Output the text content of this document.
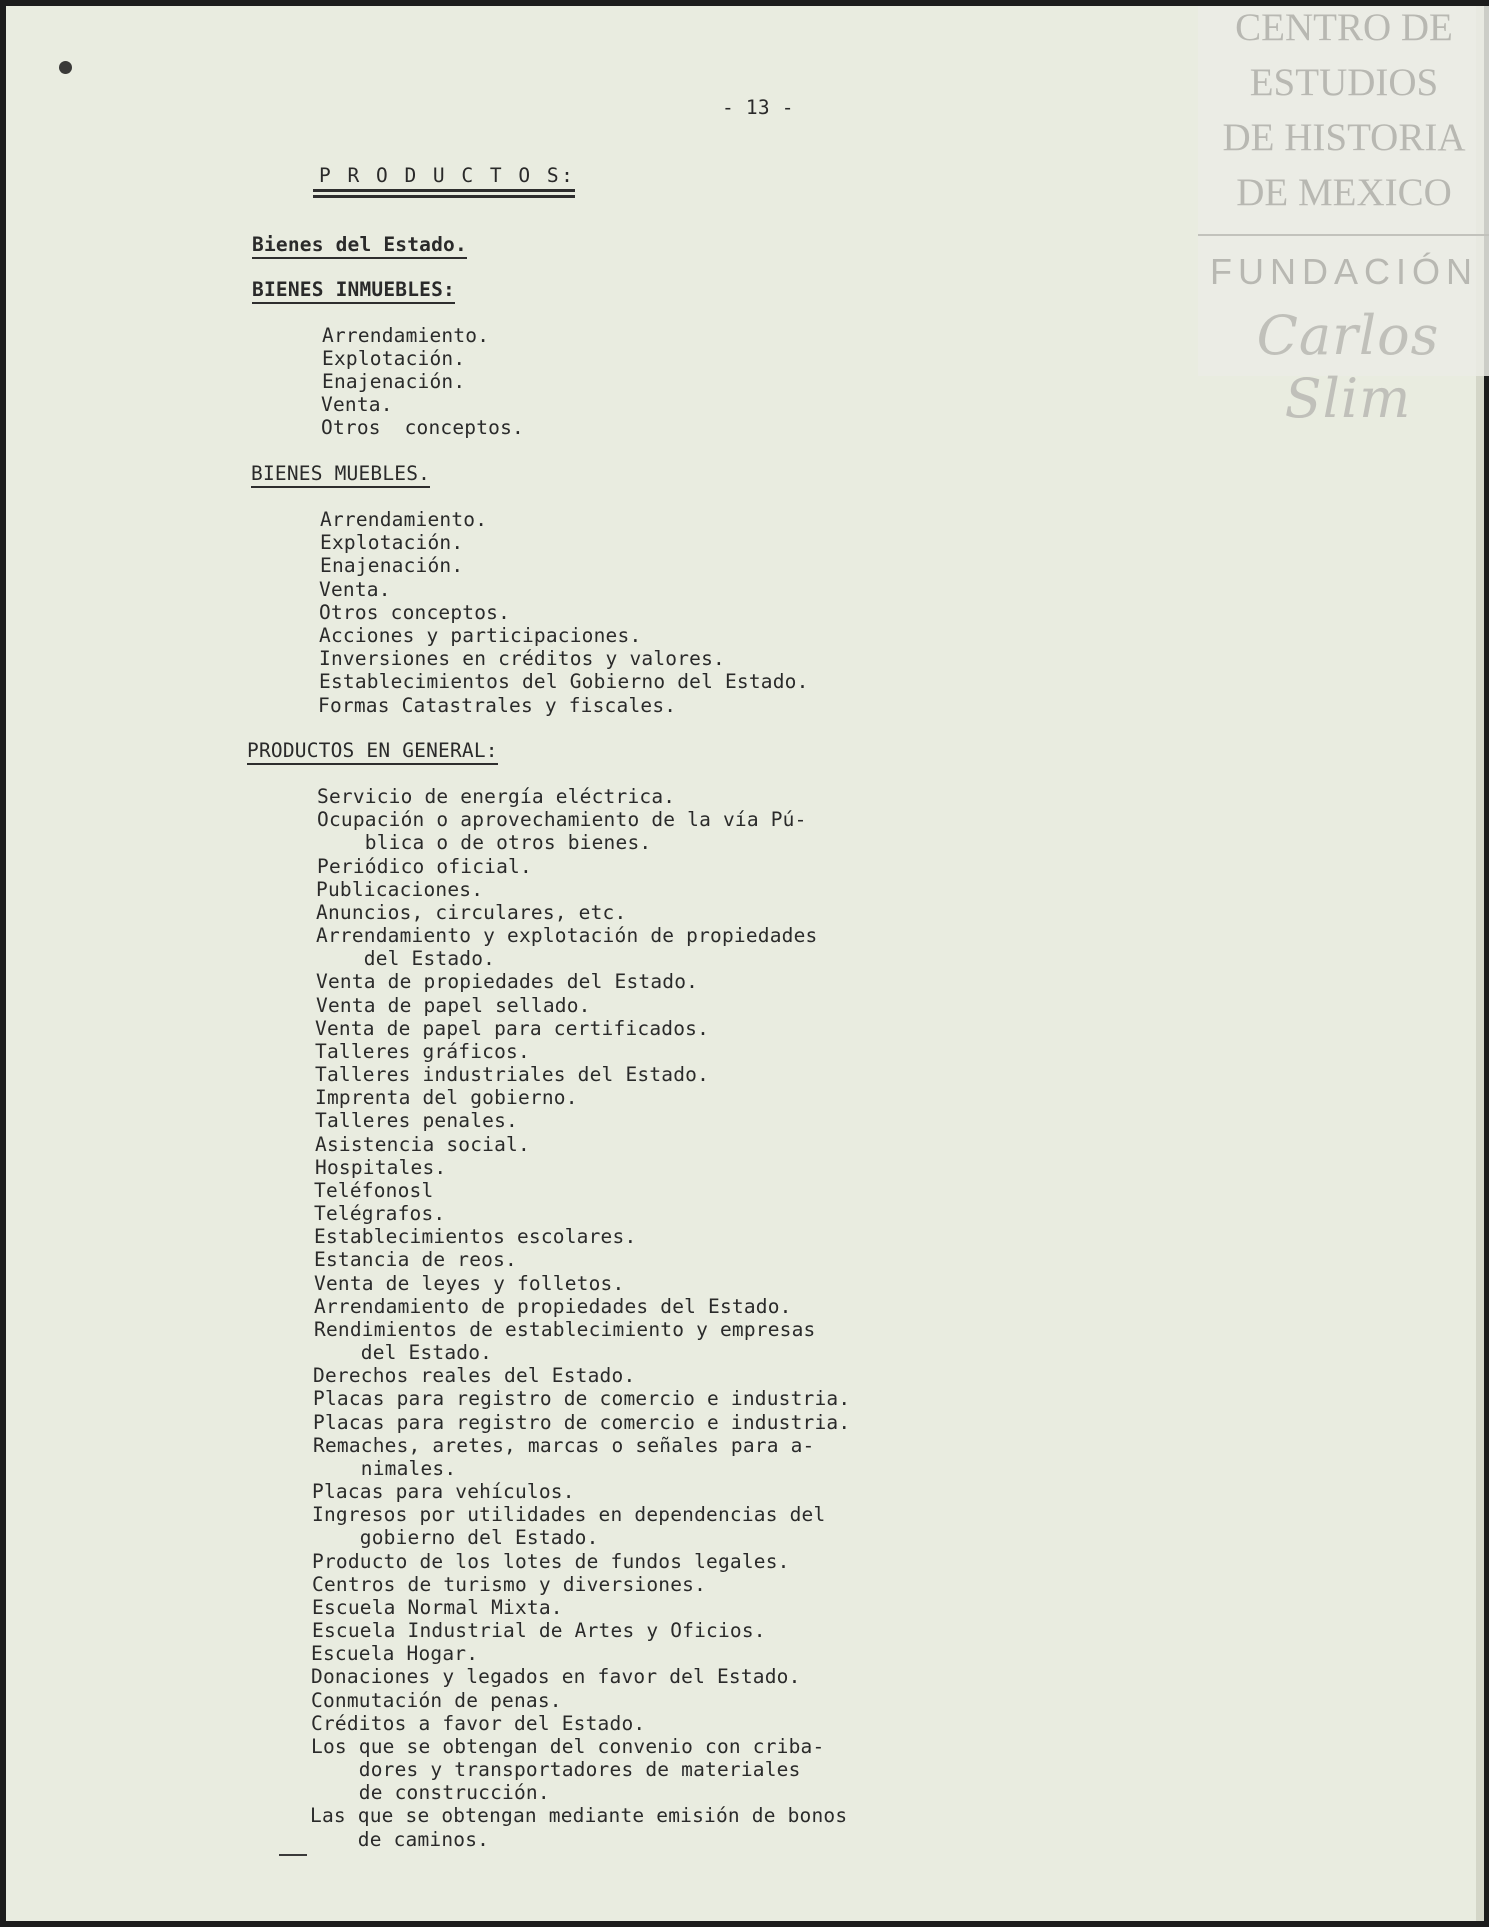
- 13 -
P R O D U C T O S:
Bienes del Estado.
BIENES INMUEBLES:
Arrendamiento.
Explotación.
Enajenación.
Venta.
Otros  conceptos.
BIENES MUEBLES.
Arrendamiento.
Explotación.
Enajenación.
Venta.
Otros conceptos.
Acciones y participaciones.
Inversiones en créditos y valores.
Establecimientos del Gobierno del Estado.
Formas Catastrales y fiscales.
PRODUCTOS EN GENERAL:
Servicio de energía eléctrica.
Ocupación o aprovechamiento de la vía Pú-
blica o de otros bienes.
Periódico oficial.
Publicaciones.
Anuncios, circulares, etc.
Arrendamiento y explotación de propiedades
del Estado.
Venta de propiedades del Estado.
Venta de papel sellado.
Venta de papel para certificados.
Talleres gráficos.
Talleres industriales del Estado.
Imprenta del gobierno.
Talleres penales.
Asistencia social.
Hospitales.
Teléfonosl
Telégrafos.
Establecimientos escolares.
Estancia de reos.
Venta de leyes y folletos.
Arrendamiento de propiedades del Estado.
Rendimientos de establecimiento y empresas
del Estado.
Derechos reales del Estado.
Placas para registro de comercio e industria.
Placas para registro de comercio e industria.
Remaches, aretes, marcas o señales para a-
nimales.
Placas para vehículos.
Ingresos por utilidades en dependencias del
gobierno del Estado.
Producto de los lotes de fundos legales.
Centros de turismo y diversiones.
Escuela Normal Mixta.
Escuela Industrial de Artes y Oficios.
Escuela Hogar.
Donaciones y legados en favor del Estado.
Conmutación de penas.
Créditos a favor del Estado.
Los que se obtengan del convenio con criba-
dores y transportadores de materiales
de construcción.
Las que se obtengan mediante emisión de bonos
de caminos.
CENTRO DE
ESTUDIOS
DE HISTORIA
DE MEXICO
FUNDACIÓN
Carlos Slim
